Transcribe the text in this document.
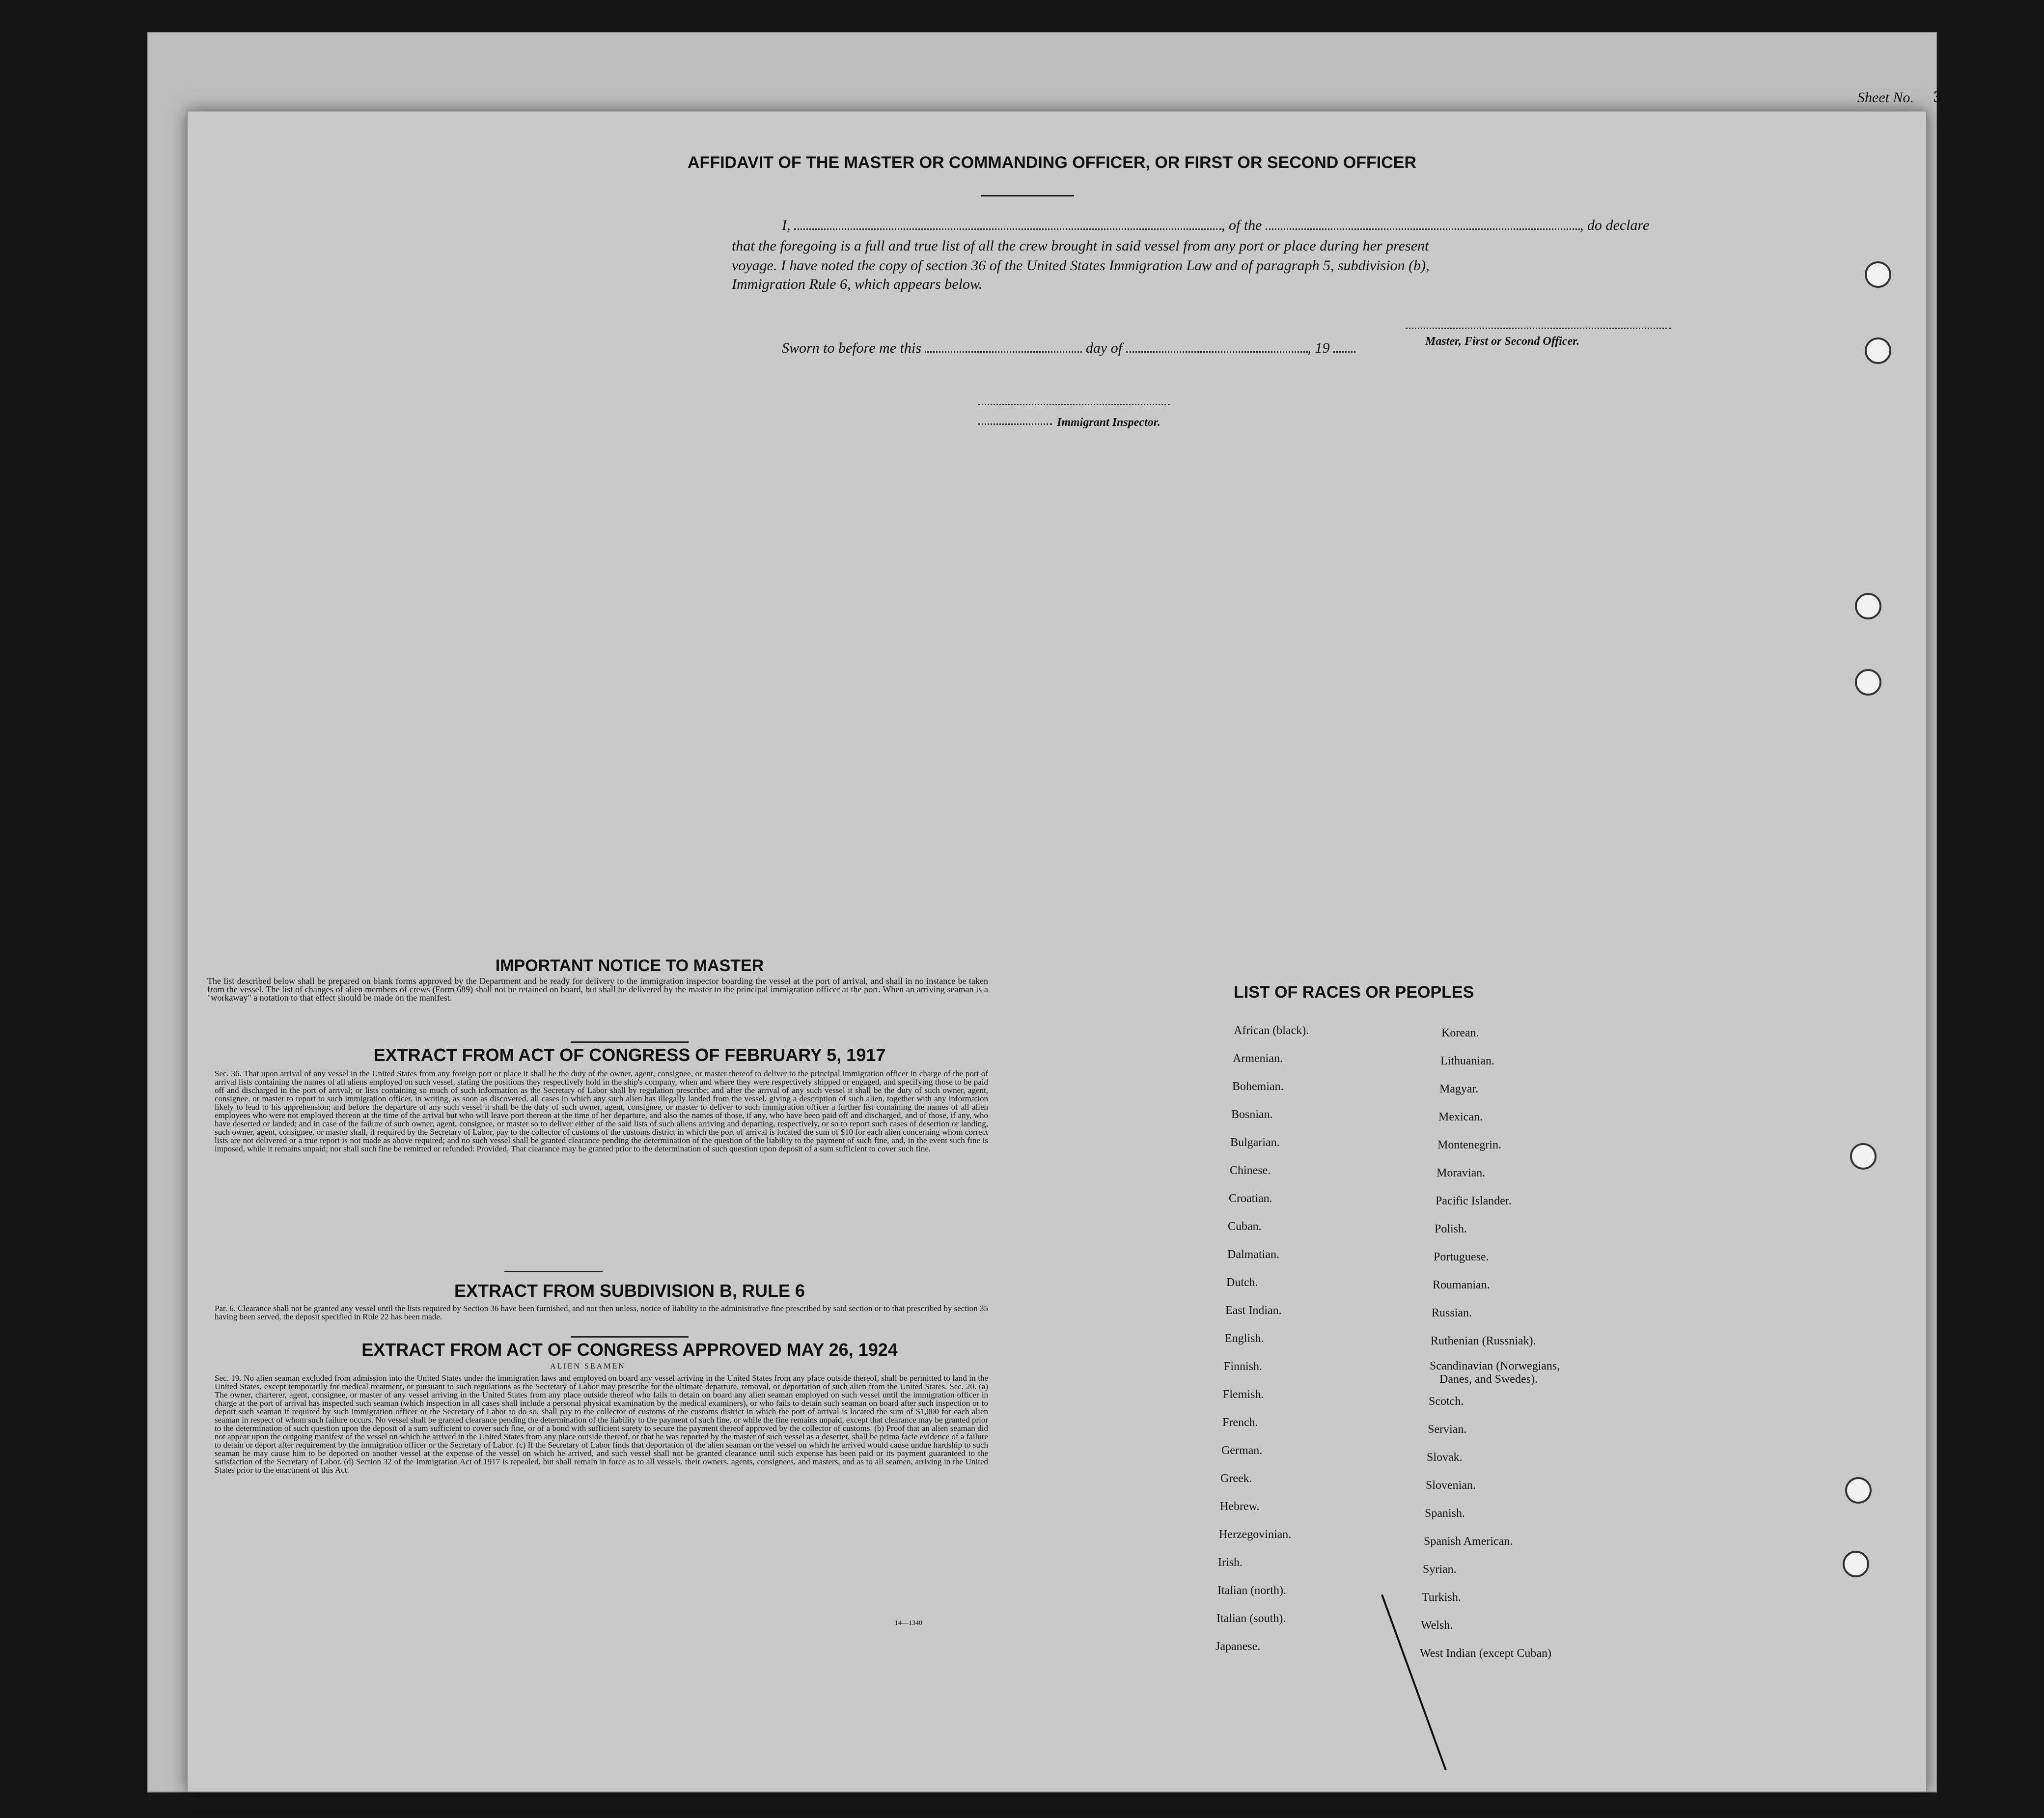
Sheet No. 3
AFFIDAVIT OF THE MASTER OR COMMANDING OFFICER, OR FIRST OR SECOND OFFICER
I,	, of the	, do declare
that the foregoing is a full and true list of all the crew brought in said vessel from any port or place during her present
voyage. I have noted the copy of section 36 of the United States Immigration Law and of paragraph 5, subdivision (b),
Immigration Rule 6, which appears below.
Master, First or Second Officer.
Sworn to before me this	day of	, 19
Immigrant Inspector.
IMPORTANT NOTICE TO MASTER
The list described below shall be prepared on blank forms approved by the Department and be ready for delivery to the immigration inspector boarding the vessel at the port of arrival, and shall in no instance be taken from the vessel. The list of changes of alien members of crews (Form 689) shall not be retained on board, but shall be delivered by the master to the principal immigration officer at the port. When an arriving seaman is a "workaway" a notation to that effect should be made on the manifest.
EXTRACT FROM ACT OF CONGRESS OF FEBRUARY 5, 1917
Sec. 36. That upon arrival of any vessel in the United States from any foreign port or place it shall be the duty of the owner, agent, consignee, or master thereof to deliver to the principal immigration officer in charge of the port of arrival lists containing the names of all aliens employed on such vessel, stating the positions they respectively hold in the ship's company, when and where they were respectively shipped or engaged, and specifying those to be paid off and discharged in the port of arrival; or lists containing so much of such information as the Secretary of Labor shall by regulation prescribe; and after the arrival of any such vessel it shall be the duty of such owner, agent, consignee, or master to report to such immigration officer, in writing, as soon as discovered, all cases in which any such alien has illegally landed from the vessel, giving a description of such alien, together with any information likely to lead to his apprehension; and before the departure of any such vessel it shall be the duty of such owner, agent, consignee, or master to deliver to such immigration officer a further list containing the names of all alien employees who were not employed thereon at the time of the arrival but who will leave port thereon at the time of her departure, and also the names of those, if any, who have been paid off and discharged, and of those, if any, who have deserted or landed; and in case of the failure of such owner, agent, consignee, or master so to deliver either of the said lists of such aliens arriving and departing, respectively, or so to report such cases of desertion or landing, such owner, agent, consignee, or master shall, if required by the Secretary of Labor, pay to the collector of customs of the customs district in which the port of arrival is located the sum of $10 for each alien concerning whom correct lists are not delivered or a true report is not made as above required; and no such vessel shall be granted clearance pending the determination of the question of the liability to the payment of such fine, and, in the event such fine is imposed, while it remains unpaid; nor shall such fine be remitted or refunded: Provided, That clearance may be granted prior to the determination of such question upon deposit of a sum sufficient to cover such fine.
EXTRACT FROM SUBDIVISION B, RULE 6
Par. 6. Clearance shall not be granted any vessel until the lists required by Section 36 have been furnished, and not then unless, notice of liability to the administrative fine prescribed by said section or to that prescribed by section 35 having been served, the deposit specified in Rule 22 has been made.
EXTRACT FROM ACT OF CONGRESS APPROVED MAY 26, 1924
ALIEN SEAMEN
Sec. 19. No alien seaman excluded from admission into the United States under the immigration laws and employed on board any vessel arriving in the United States from any place outside thereof, shall be permitted to land in the United States, except temporarily for medical treatment, or pursuant to such regulations as the Secretary of Labor may prescribe for the ultimate departure, removal, or deportation of such alien from the United States. Sec. 20. (a) The owner, charterer, agent, consignee, or master of any vessel arriving in the United States from any place outside thereof who fails to detain on board any alien seaman employed on such vessel until the immigration officer in charge at the port of arrival has inspected such seaman (which inspection in all cases shall include a personal physical examination by the medical examiners), or who fails to detain such seaman on board after such inspection or to deport such seaman if required by such immigration officer or the Secretary of Labor to do so, shall pay to the collector of customs of the customs district in which the port of arrival is located the sum of $1,000 for each alien seaman in respect of whom such failure occurs. No vessel shall be granted clearance pending the determination of the liability to the payment of such fine, or while the fine remains unpaid, except that clearance may be granted prior to the determination of such question upon the deposit of a sum sufficient to cover such fine, or of a bond with sufficient surety to secure the payment thereof approved by the collector of customs. (b) Proof that an alien seaman did not appear upon the outgoing manifest of the vessel on which he arrived in the United States from any place outside thereof, or that he was reported by the master of such vessel as a deserter, shall be prima facie evidence of a failure to detain or deport after requirement by the immigration officer or the Secretary of Labor. (c) If the Secretary of Labor finds that deportation of the alien seaman on the vessel on which he arrived would cause undue hardship to such seaman he may cause him to be deported on another vessel at the expense of the vessel on which he arrived, and such vessel shall not be granted clearance until such expense has been paid or its payment guaranteed to the satisfaction of the Secretary of Labor. (d) Section 32 of the Immigration Act of 1917 is repealed, but shall remain in force as to all vessels, their owners, agents, consignees, and masters, and as to all seamen, arriving in the United States prior to the enactment of this Act.
14—1340
LIST OF RACES OR PEOPLES
African (black).
Armenian.
Bohemian.
Bosnian.
Bulgarian.
Chinese.
Croatian.
Cuban.
Dalmatian.
Dutch.
East Indian.
English.
Finnish.
Flemish.
French.
German.
Greek.
Hebrew.
Herzegovinian.
Irish.
Italian (north).
Italian (south).
Japanese.
Korean.
Lithuanian.
Magyar.
Mexican.
Montenegrin.
Moravian.
Pacific Islander.
Polish.
Portuguese.
Roumanian.
Russian.
Ruthenian (Russniak).
Scandinavian (Norwegians,
Danes, and Swedes).
Scotch.
Servian.
Slovak.
Slovenian.
Spanish.
Spanish American.
Syrian.
Turkish.
Welsh.
West Indian (except Cuban)
